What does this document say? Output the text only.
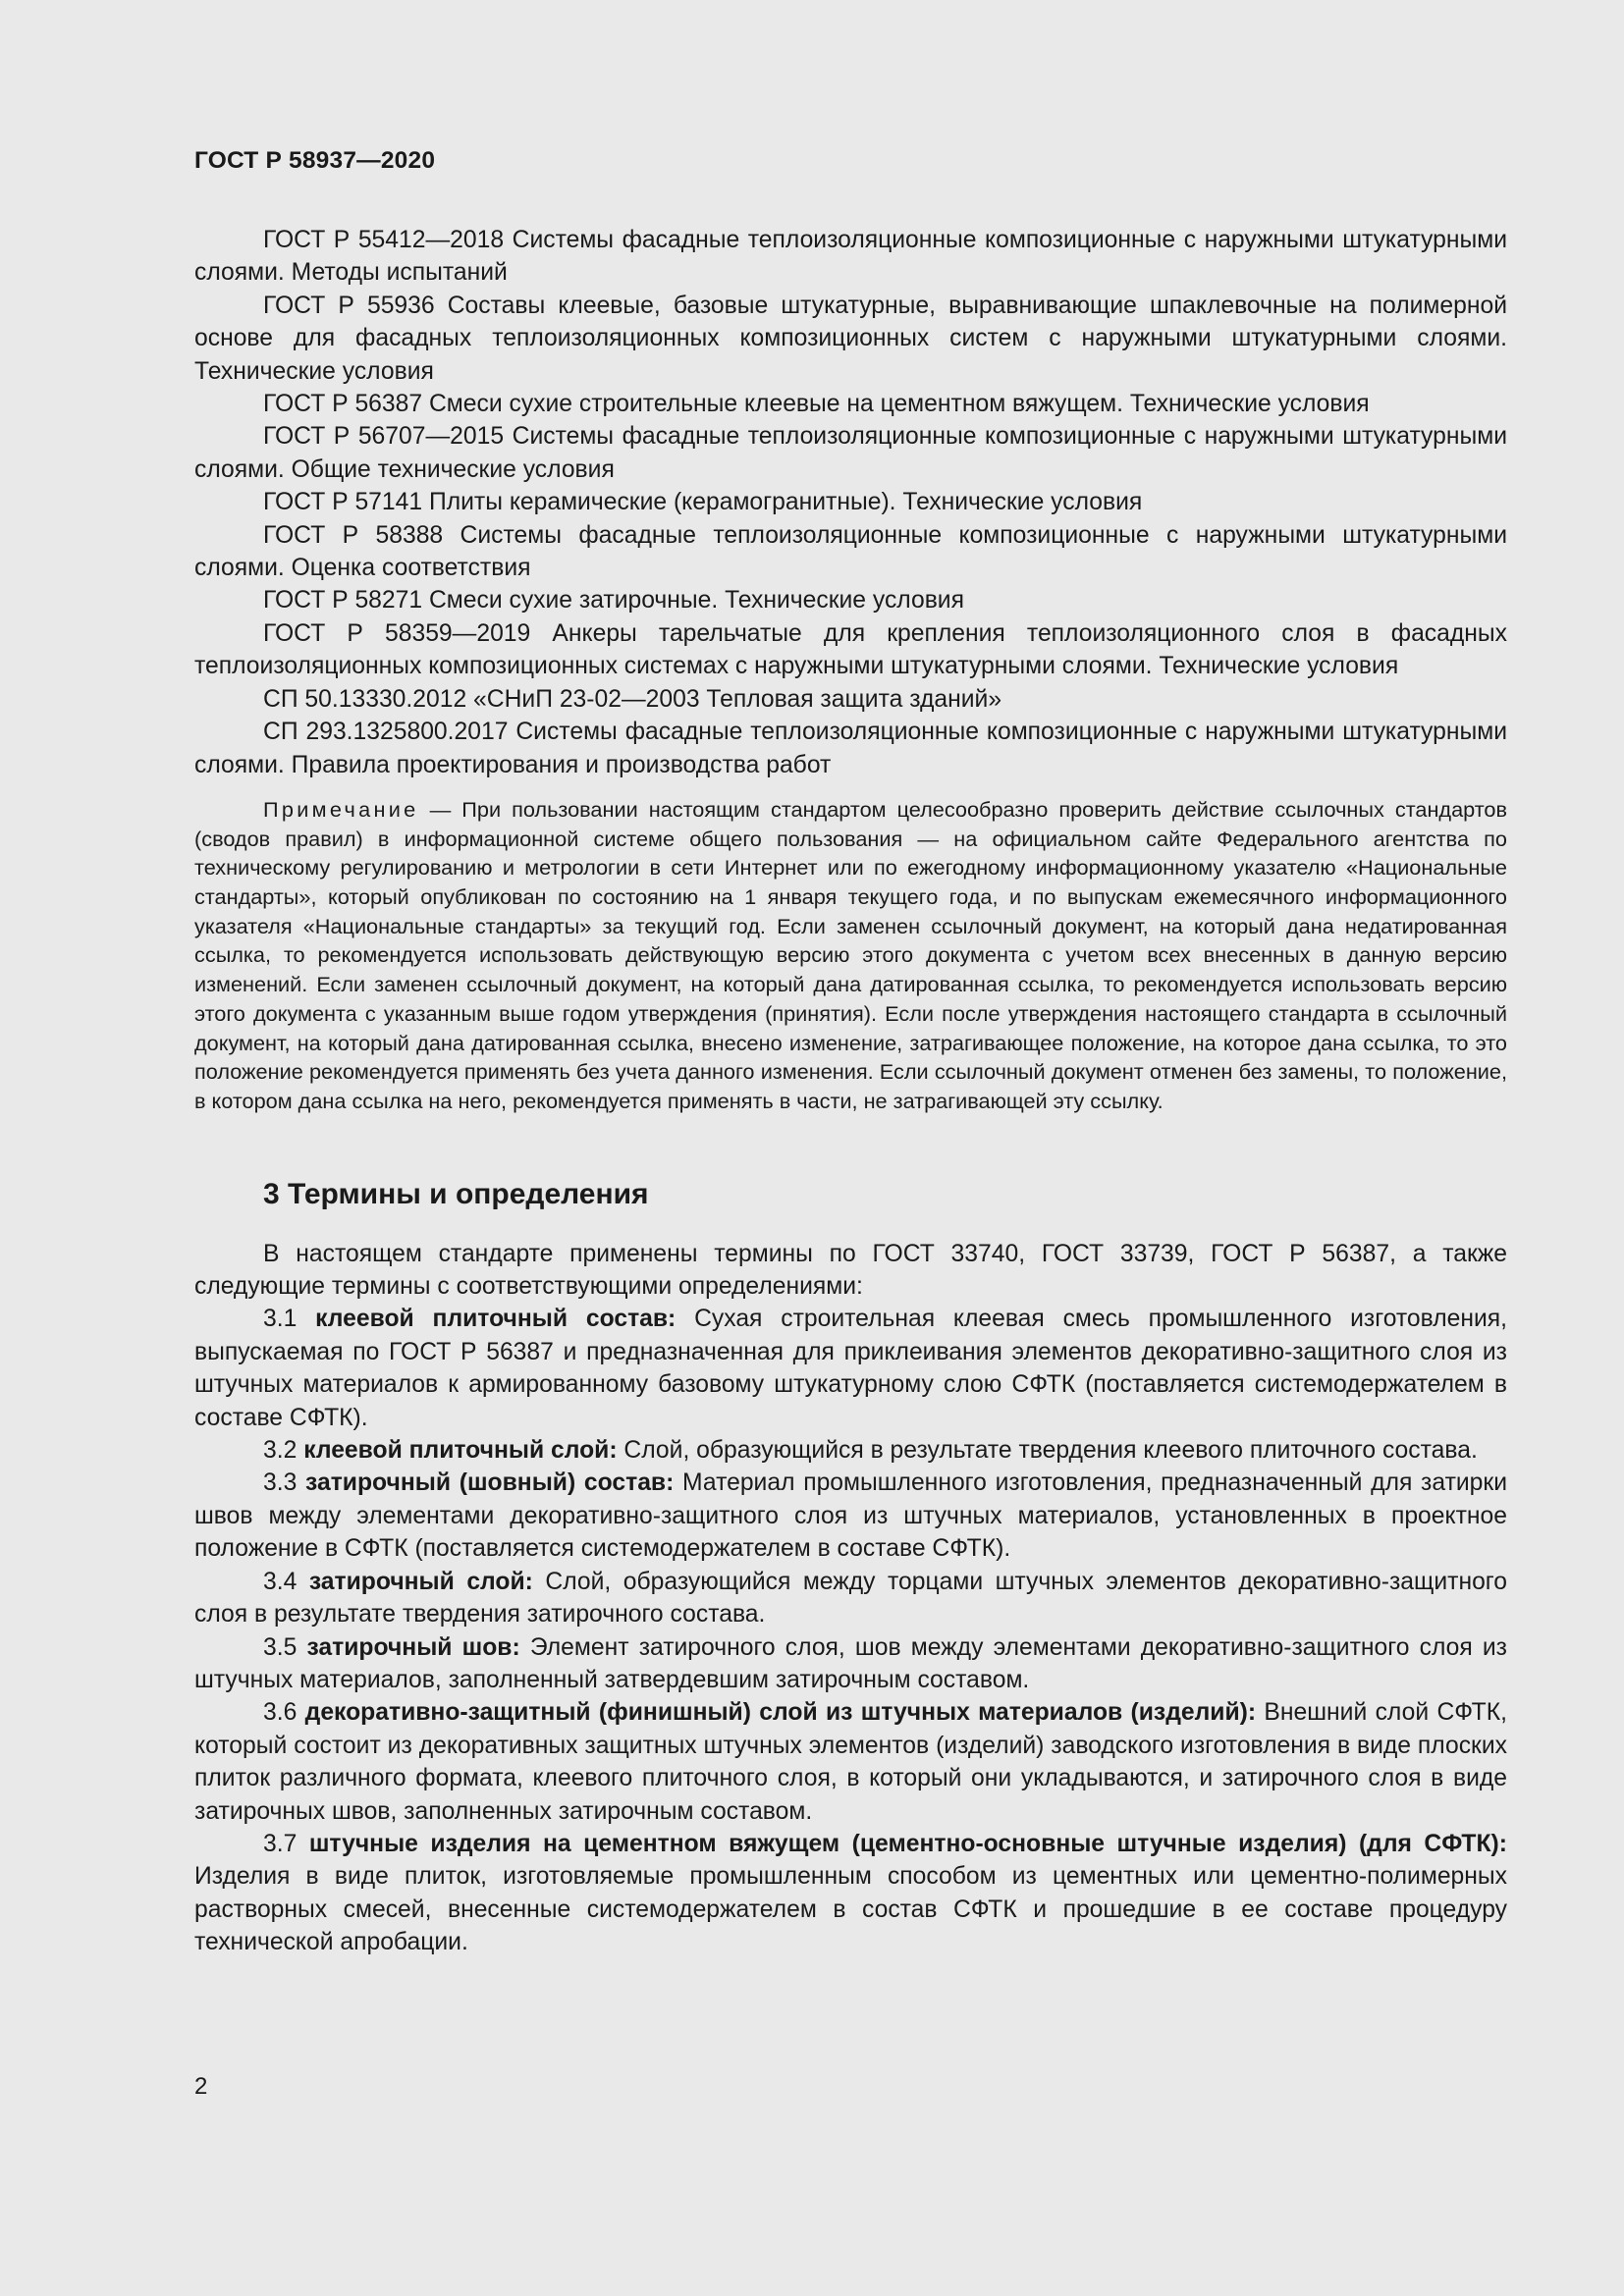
ГОСТ Р 58937—2020

ГОСТ Р 55412—2018 Системы фасадные теплоизоляционные композиционные с наружными штукатурными слоями. Методы испытаний

ГОСТ Р 55936 Составы клеевые, базовые штукатурные, выравнивающие шпаклевочные на полимерной основе для фасадных теплоизоляционных композиционных систем с наружными штукатурными слоями. Технические условия

ГОСТ Р 56387 Смеси сухие строительные клеевые на цементном вяжущем. Технические условия

ГОСТ Р 56707—2015 Системы фасадные теплоизоляционные композиционные с наружными штукатурными слоями. Общие технические условия

ГОСТ Р 57141 Плиты керамические (керамогранитные). Технические условия

ГОСТ Р 58388 Системы фасадные теплоизоляционные композиционные с наружными штукатурными слоями. Оценка соответствия

ГОСТ Р 58271 Смеси сухие затирочные. Технические условия

ГОСТ Р 58359—2019 Анкеры тарельчатые для крепления теплоизоляционного слоя в фасадных теплоизоляционных композиционных системах с наружными штукатурными слоями. Технические условия

СП 50.13330.2012 «СНиП 23-02—2003 Тепловая защита зданий»

СП 293.1325800.2017 Системы фасадные теплоизоляционные композиционные с наружными штукатурными слоями. Правила проектирования и производства работ

Примечание — При пользовании настоящим стандартом целесообразно проверить действие ссылочных стандартов (сводов правил) в информационной системе общего пользования — на официальном сайте Федерального агентства по техническому регулированию и метрологии в сети Интернет или по ежегодному информационному указателю «Национальные стандарты», который опубликован по состоянию на 1 января текущего года, и по выпускам ежемесячного информационного указателя «Национальные стандарты» за текущий год. Если заменен ссылочный документ, на который дана недатированная ссылка, то рекомендуется использовать действующую версию этого документа с учетом всех внесенных в данную версию изменений. Если заменен ссылочный документ, на который дана датированная ссылка, то рекомендуется использовать версию этого документа с указанным выше годом утверждения (принятия). Если после утверждения настоящего стандарта в ссылочный документ, на который дана датированная ссылка, внесено изменение, затрагивающее положение, на которое дана ссылка, то это положение рекомендуется применять без учета данного изменения. Если ссылочный документ отменен без замены, то положение, в котором дана ссылка на него, рекомендуется применять в части, не затрагивающей эту ссылку.

3 Термины и определения

В настоящем стандарте применены термины по ГОСТ 33740, ГОСТ 33739, ГОСТ Р 56387, а также следующие термины с соответствующими определениями:

3.1 клеевой плиточный состав: Сухая строительная клеевая смесь промышленного изготовления, выпускаемая по ГОСТ Р 56387 и предназначенная для приклеивания элементов декоративно-защитного слоя из штучных материалов к армированному базовому штукатурному слою СФТК (поставляется системодержателем в составе СФТК).

3.2 клеевой плиточный слой: Слой, образующийся в результате твердения клеевого плиточного состава.

3.3 затирочный (шовный) состав: Материал промышленного изготовления, предназначенный для затирки швов между элементами декоративно-защитного слоя из штучных материалов, установленных в проектное положение в СФТК (поставляется системодержателем в составе СФТК).

3.4 затирочный слой: Слой, образующийся между торцами штучных элементов декоративно-защитного слоя в результате твердения затирочного состава.

3.5 затирочный шов: Элемент затирочного слоя, шов между элементами декоративно-защитного слоя из штучных материалов, заполненный затвердевшим затирочным составом.

3.6 декоративно-защитный (финишный) слой из штучных материалов (изделий): Внешний слой СФТК, который состоит из декоративных защитных штучных элементов (изделий) заводского изготовления в виде плоских плиток различного формата, клеевого плиточного слоя, в который они укладываются, и затирочного слоя в виде затирочных швов, заполненных затирочным составом.

3.7 штучные изделия на цементном вяжущем (цементно-основные штучные изделия) (для СФТК): Изделия в виде плиток, изготовляемые промышленным способом из цементных или цементно-полимерных растворных смесей, внесенные системодержателем в состав СФТК и прошедшие в ее составе процедуру технической апробации.

2
